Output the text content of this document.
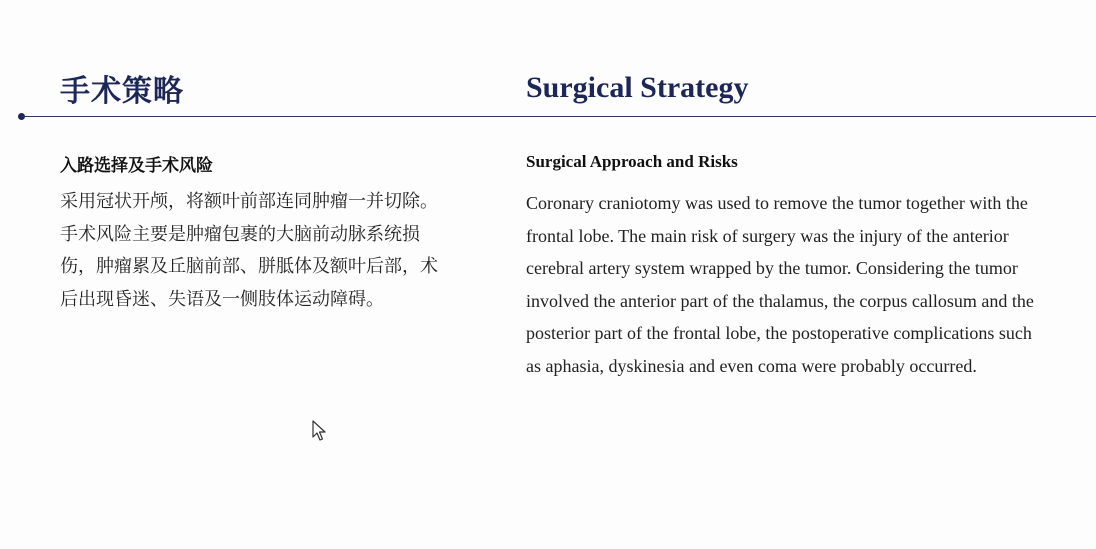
手术策略	Surgical Strategy
入路选择及手术风险
采用冠状开颅，将额叶前部连同肿瘤一并切除。手术风险主要是肿瘤包裹的大脑前动脉系统损伤，肿瘤累及丘脑前部、胼胝体及额叶后部，术后出现昏迷、失语及一侧肢体运动障碍。
Surgical Approach and Risks
Coronary craniotomy was used to remove the tumor together with the frontal lobe. The main risk of surgery was the injury of the anterior cerebral artery system wrapped by the tumor. Considering the tumor involved the anterior part of the thalamus, the corpus callosum and the posterior part of the frontal lobe, the postoperative complications such as aphasia, dyskinesia and even coma were probably occurred.
